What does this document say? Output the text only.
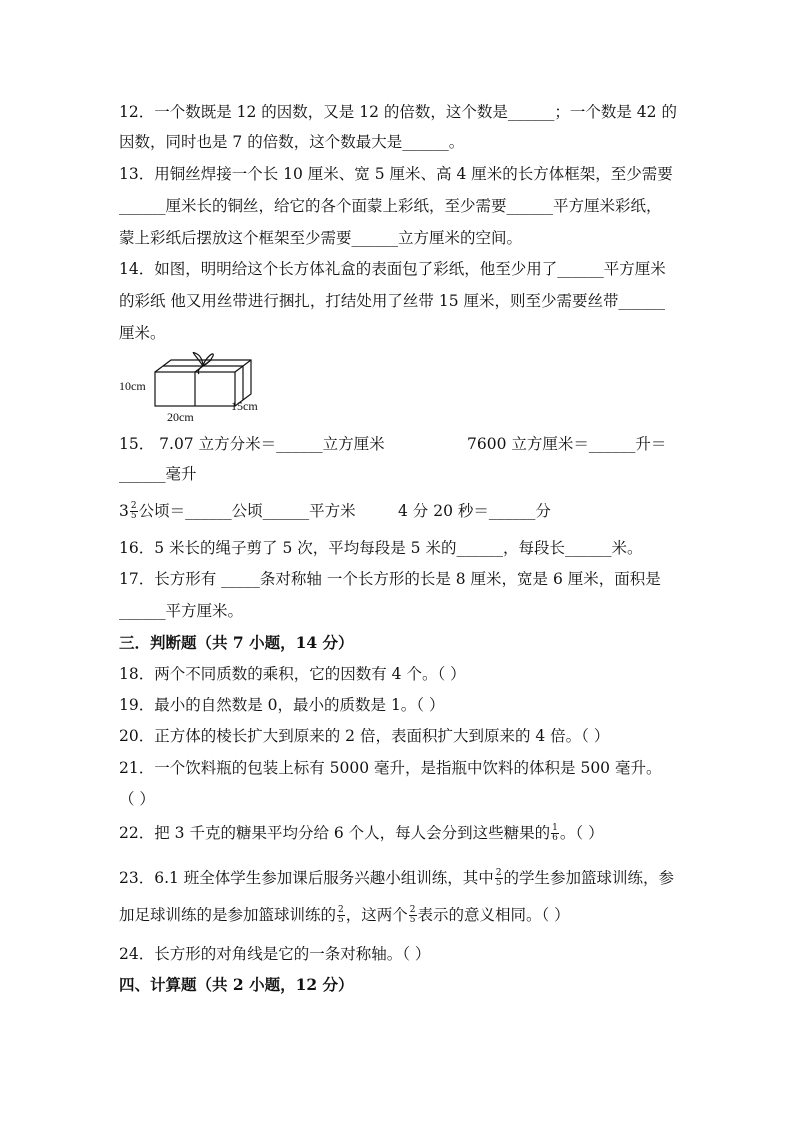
12．一个数既是 12 的因数，又是 12 的倍数，这个数是______；一个数是 42 的
因数，同时也是 7 的倍数，这个数最大是______。
13．用铜丝焊接一个长 10 厘米、宽 5 厘米、高 4 厘米的长方体框架，至少需要
______厘米长的铜丝，给它的各个面蒙上彩纸，至少需要______平方厘米彩纸，
蒙上彩纸后摆放这个框架至少需要______立方厘米的空间。
14．如图，明明给这个长方体礼盒的表面包了彩纸，他至少用了______平方厘米
的彩纸 他又用丝带进行捆扎，打结处用了丝带 15 厘米，则至少需要丝带______
厘米。
10cm
20cm
15cm
15． 7.07 立方分米＝______立方厘米	7600 立方厘米＝______升＝
______毫升
$3 \frac{2}{5}$ 公顷＝______公顷______平方米	4 分 20 秒＝______分
16．5 米长的绳子剪了 5 次，平均每段是 5 米的______，每段长______米。
17．长方形有 _____条对称轴 一个长方形的长是 8 厘米，宽是 6 厘米，面积是
______平方厘米。
三．判断题（共 7 小题，14 分）
18．两个不同质数的乘积，它的因数有 4 个。（ ）
19．最小的自然数是 0，最小的质数是 1。（ ）
20．正方体的棱长扩大到原来的 2 倍，表面积扩大到原来的 4 倍。（ ）
21．一个饮料瓶的包装上标有 5000 毫升，是指瓶中饮料的体积是 500 毫升。
（ ）
22．把 3 千克的糖果平均分给 6 个人，每人会分到这些糖果的 $\frac{1}{6}$ 。（ ）
23．6.1 班全体学生参加课后服务兴趣小组训练，其中 $\frac{2}{5}$ 的学生参加篮球训练，参
加足球训练的是参加篮球训练的 $\frac{2}{5}$ ，这两个 $\frac{2}{5}$ 表示的意义相同。（ ）
24．长方形的对角线是它的一条对称轴。（ ）
四、计算题（共 2 小题，12 分）
